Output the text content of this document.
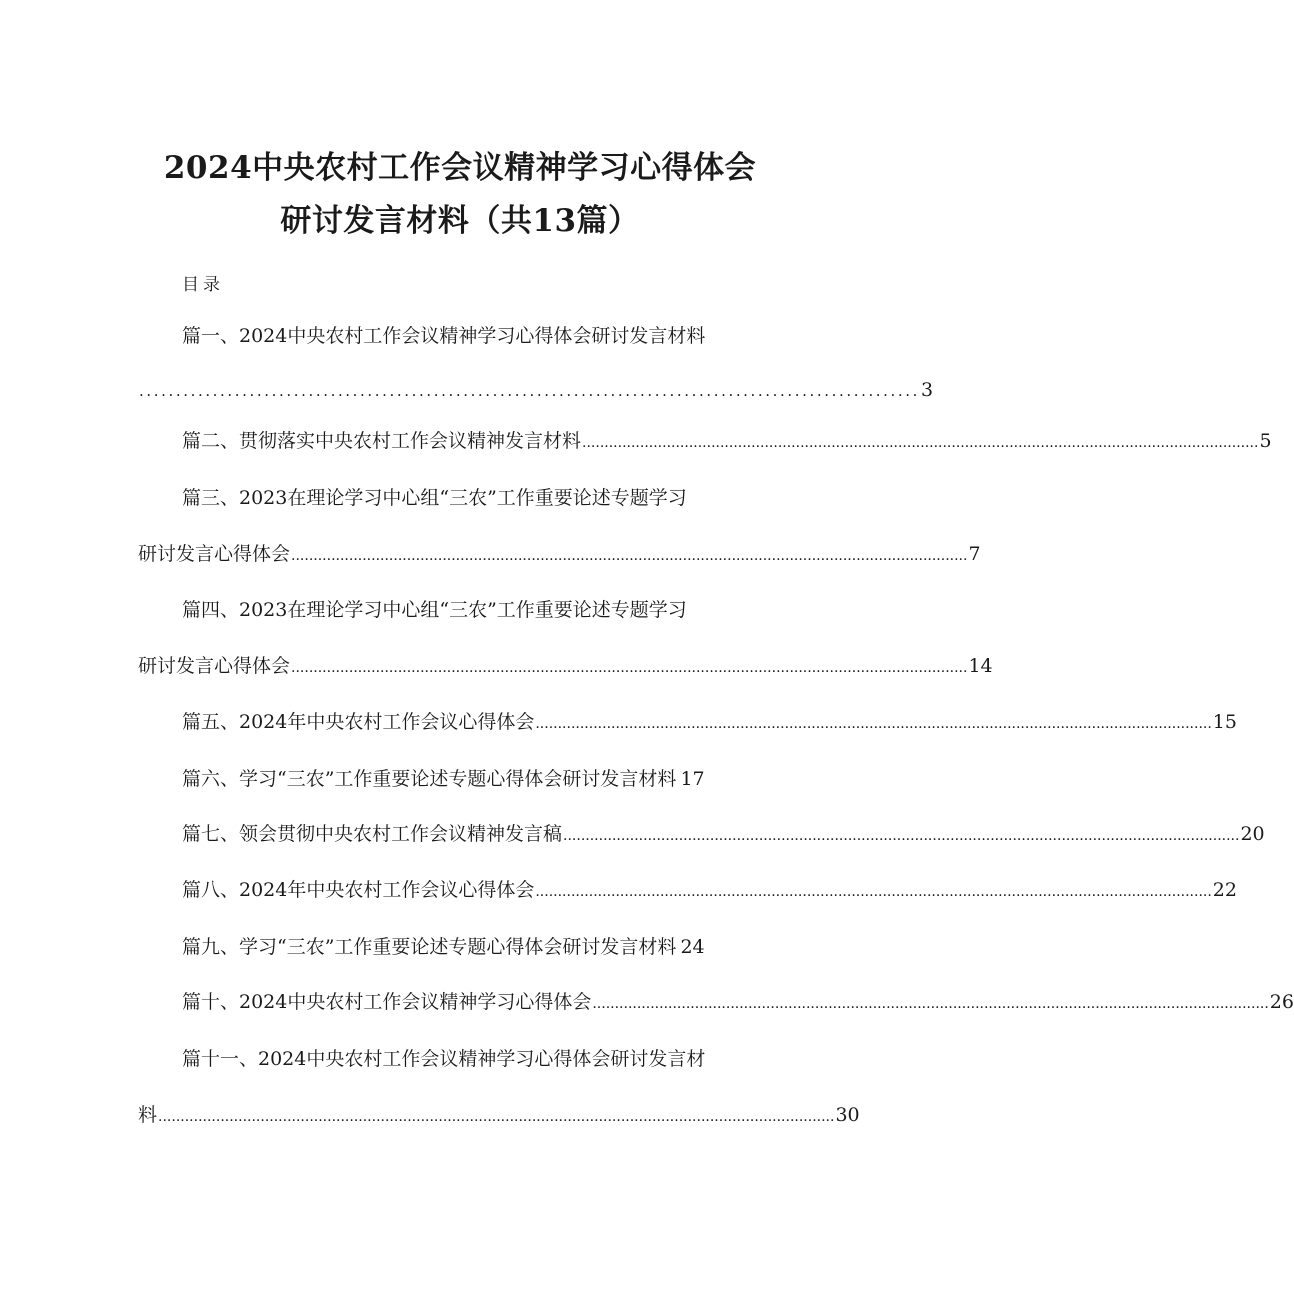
2024中央农村工作会议精神学习心得体会
研讨发言材料（共13篇）
目录
篇一、2024中央农村工作会议精神学习心得体会研讨发言材料
.......................................................................................................... 3
篇二、贯彻落实中央农村工作会议精神发言材料 ........................................................................................................................................................ 5
篇三、2023在理论学习中心组“三农”工作重要论述专题学习
研讨发言心得体会 ........................................................................................................................................................ 7
篇四、2023在理论学习中心组“三农”工作重要论述专题学习
研讨发言心得体会 ........................................................................................................................................................ 14
篇五、2024年中央农村工作会议心得体会 ........................................................................................................................................................ 15
篇六、学习“三农”工作重要论述专题心得体会研讨发言材料 17
篇七、领会贯彻中央农村工作会议精神发言稿 ........................................................................................................................................................ 20
篇八、2024年中央农村工作会议心得体会 ........................................................................................................................................................ 22
篇九、学习“三农”工作重要论述专题心得体会研讨发言材料 24
篇十、2024中央农村工作会议精神学习心得体会 ........................................................................................................................................................ 26
篇十一、2024中央农村工作会议精神学习心得体会研讨发言材
料 ........................................................................................................................................................ 30
